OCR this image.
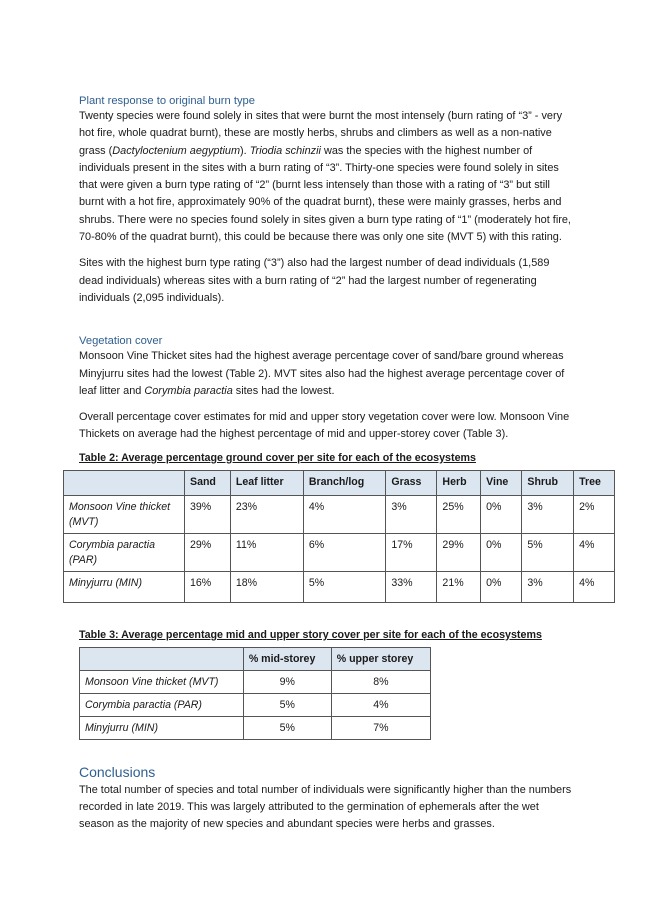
Plant response to original burn type

Twenty species were found solely in sites that were burnt the most intensely (burn rating of “3” - very hot fire, whole quadrat burnt), these are mostly herbs, shrubs and climbers as well as a non-native grass (Dactyloctenium aegyptium). Triodia schinzii was the species with the highest number of individuals present in the sites with a burn rating of “3”. Thirty-one species were found solely in sites that were given a burn type rating of “2” (burnt less intensely than those with a rating of “3” but still burnt with a hot fire, approximately 90% of the quadrat burnt), these were mainly grasses, herbs and shrubs. There were no species found solely in sites given a burn type rating of “1” (moderately hot fire, 70-80% of the quadrat burnt), this could be because there was only one site (MVT 5) with this rating.

Sites with the highest burn type rating (“3”) also had the largest number of dead individuals (1,589 dead individuals) whereas sites with a burn rating of “2” had the largest number of regenerating individuals (2,095 individuals).

Vegetation cover

Monsoon Vine Thicket sites had the highest average percentage cover of sand/bare ground whereas Minyjurru sites had the lowest (Table 2). MVT sites also had the highest average percentage cover of leaf litter and Corymbia paractia sites had the lowest.

Overall percentage cover estimates for mid and upper story vegetation cover were low. Monsoon Vine Thickets on average had the highest percentage of mid and upper-storey cover (Table 3).

Table 2: Average percentage ground cover per site for each of the ecosystems
	Sand	Leaf litter	Branch/log	Grass	Herb	Vine	Shrub	Tree
Monsoon Vine thicket (MVT)	39%	23%	4%	3%	25%	0%	3%	2%
Corymbia paractia (PAR)	29%	11%	6%	17%	29%	0%	5%	4%
Minyjurru (MIN)	16%	18%	5%	33%	21%	0%	3%	4%
Table 3: Average percentage mid and upper story cover per site for each of the ecosystems
	% mid-storey	% upper storey
Monsoon Vine thicket (MVT)	9%	8%
Corymbia paractia (PAR)	5%	4%
Minyjurru (MIN)	5%	7%
Conclusions

The total number of species and total number of individuals were significantly higher than the numbers recorded in late 2019. This was largely attributed to the germination of ephemerals after the wet season as the majority of new species and abundant species were herbs and grasses.
